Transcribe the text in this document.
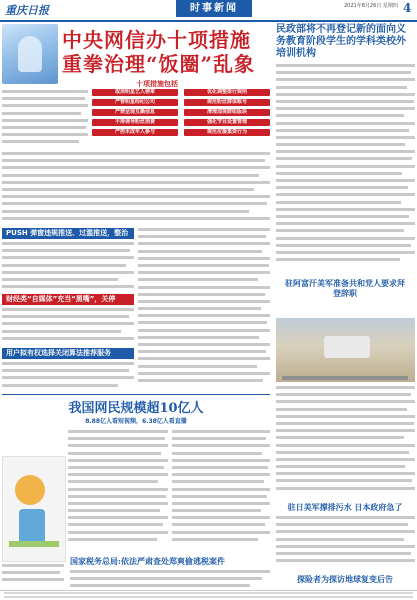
重庆日报	时事新闻	2021年8月26日 星期四 4
中央网信办十项措施重拳治理“饭圈”乱象
十项措施包括
取消明星艺人榜单	优化调整排行规则
严管明星经纪公司	规范粉丝群体账号
严禁呈现互撕信息	清理违规群组版块
不得诱导粉丝消费	强化节目设置管理
严控未成年人参与	规范应援集资行为
PUSH 弹窗违规推送、过滥推送，整治
财经类“自媒体”充当“黑嘴”，关停
用户拟有权选择关闭算法推荐服务
我国网民规模超10亿人
8.88亿人看短视频，6.38亿人看直播
国家税务总局:依法严肃查处郑爽偷逃税案件
民政部将不再登记新的面向义务教育阶段学生的学科类校外培训机构
驻阿富汗美军准备共和党人要求拜登辞职
驻日美军撑排污水 日本政府急了
探险者为探访地球复变后告
